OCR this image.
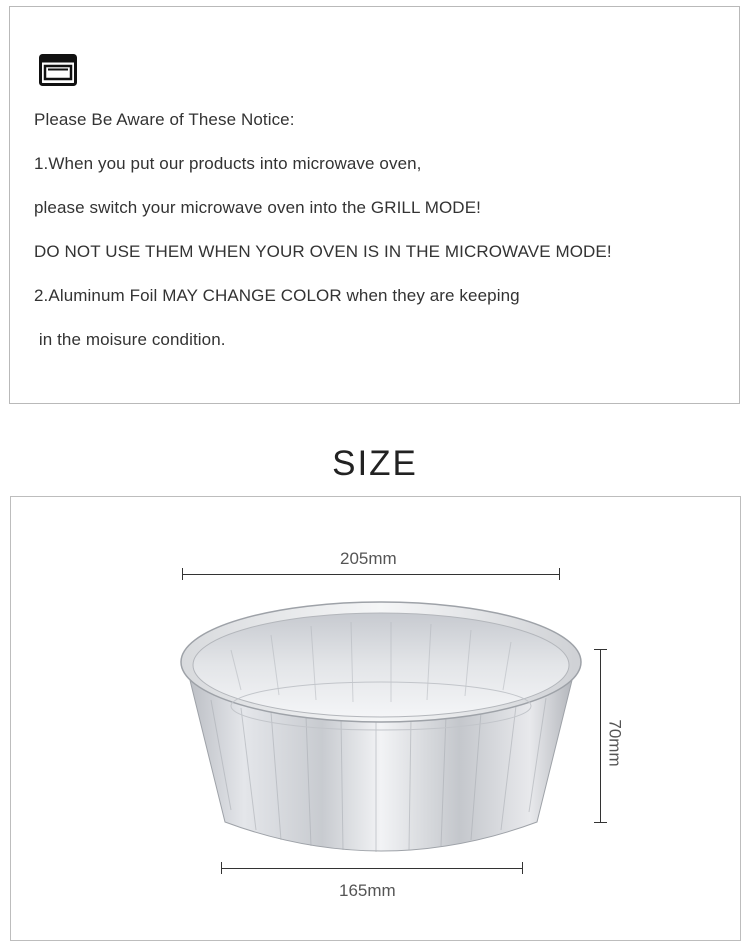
Please Be Aware of These Notice:
1.When you put our products into microwave oven,
please switch your microwave oven into the GRILL MODE!
DO NOT USE THEM WHEN YOUR OVEN IS IN THE MICROWAVE MODE!
2.Aluminum Foil MAY CHANGE COLOR when they are keeping
in the moisure condition.
SIZE
205mm
70mm
165mm
